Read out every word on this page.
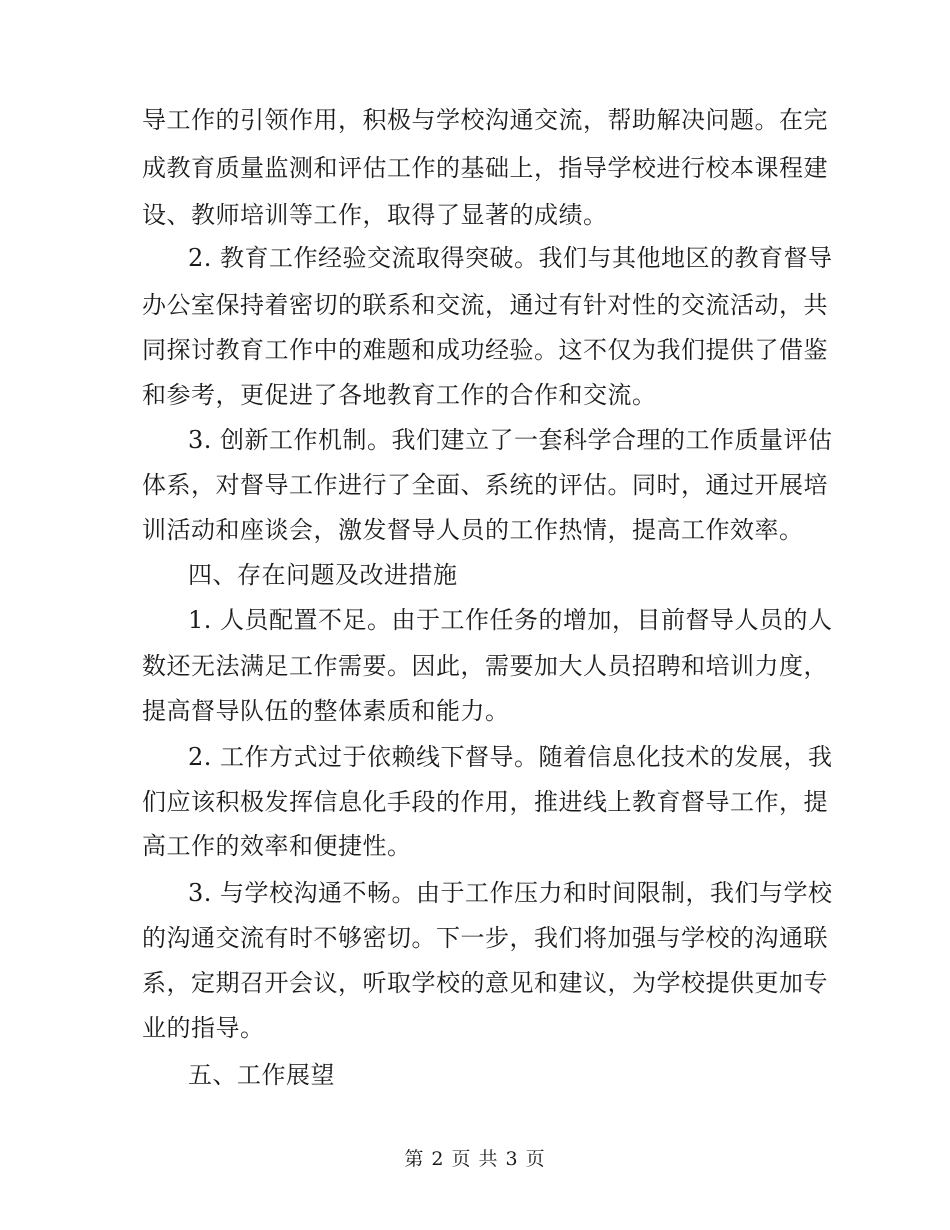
导工作的引领作用，积极与学校沟通交流，帮助解决问题。在完
成教育质量监测和评估工作的基础上，指导学校进行校本课程建
设、教师培训等工作，取得了显著的成绩。
2. 教育工作经验交流取得突破。我们与其他地区的教育督导
办公室保持着密切的联系和交流，通过有针对性的交流活动，共
同探讨教育工作中的难题和成功经验。这不仅为我们提供了借鉴
和参考，更促进了各地教育工作的合作和交流。
3. 创新工作机制。我们建立了一套科学合理的工作质量评估
体系，对督导工作进行了全面、系统的评估。同时，通过开展培
训活动和座谈会，激发督导人员的工作热情，提高工作效率。
四、存在问题及改进措施
1. 人员配置不足。由于工作任务的增加，目前督导人员的人
数还无法满足工作需要。因此，需要加大人员招聘和培训力度，
提高督导队伍的整体素质和能力。
2. 工作方式过于依赖线下督导。随着信息化技术的发展，我
们应该积极发挥信息化手段的作用，推进线上教育督导工作，提
高工作的效率和便捷性。
3. 与学校沟通不畅。由于工作压力和时间限制，我们与学校
的沟通交流有时不够密切。下一步，我们将加强与学校的沟通联
系，定期召开会议，听取学校的意见和建议，为学校提供更加专
业的指导。
五、工作展望
第 2 页 共 3 页
